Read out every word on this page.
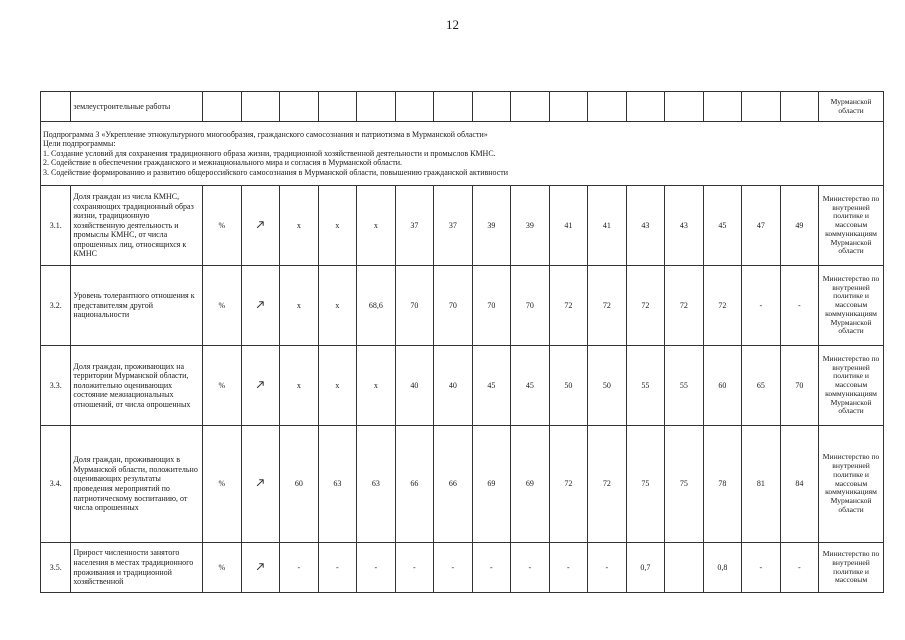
12
	землеустроительные работы																	Мурманской области

Подпрограмма 3 «Укрепление этнокультурного многообразия, гражданского самосознания и патриотизма в Мурманской области»
Цели подпрограммы:
1. Создание условий для сохранения традиционного образа жизни, традиционной хозяйственной деятельности и промыслов КМНС.
2. Содействие в обеспечении гражданского и межнационального мира и согласия в Мурманской области.
3. Содействие формированию и развитию общероссийского самосознания в Мурманской области, повышению гражданской активности																		

3.1.	Доля граждан из числа КМНС, сохраняющих традиционный образ жизни, традиционную хозяйственную деятельность и промыслы КМНС, от числа опрошенных лиц, относящихся к КМНС	%		x	x	x	37	37	39	39	41	41	43	43	45	47	49	Министерство по внутренней политике и массовым коммуникациям Мурманской области
3.2.	Уровень толерантного отношения к представителям другой национальности	%		x	x	68,6	70	70	70	70	72	72	72	72	72	-	-	Министерство по внутренней политике и массовым коммуникациям Мурманской области
3.3.	Доля граждан, проживающих на территории Мурманской области, положительно оценивающих состояние межнациональных отношений, от числа опрошенных	%		x	x	x	40	40	45	45	50	50	55	55	60	65	70	Министерство по внутренней политике и массовым коммуникациям Мурманской области
3.4.	Доля граждан, проживающих в Мурманской области, положительно оценивающих результаты проведения мероприятий по патриотическому воспитанию, от числа опрошенных	%		60	63	63	66	66	69	69	72	72	75	75	78	81	84	Министерство по внутренней политике и массовым коммуникациям Мурманской области
3.5.	Прирост численности занятого населения в местах традиционного проживания и традиционной хозяйственной	%		-	-	-	-	-	-	-	-	-	0,7		0,8	-	-	Министерство по внутренней политике и массовым
